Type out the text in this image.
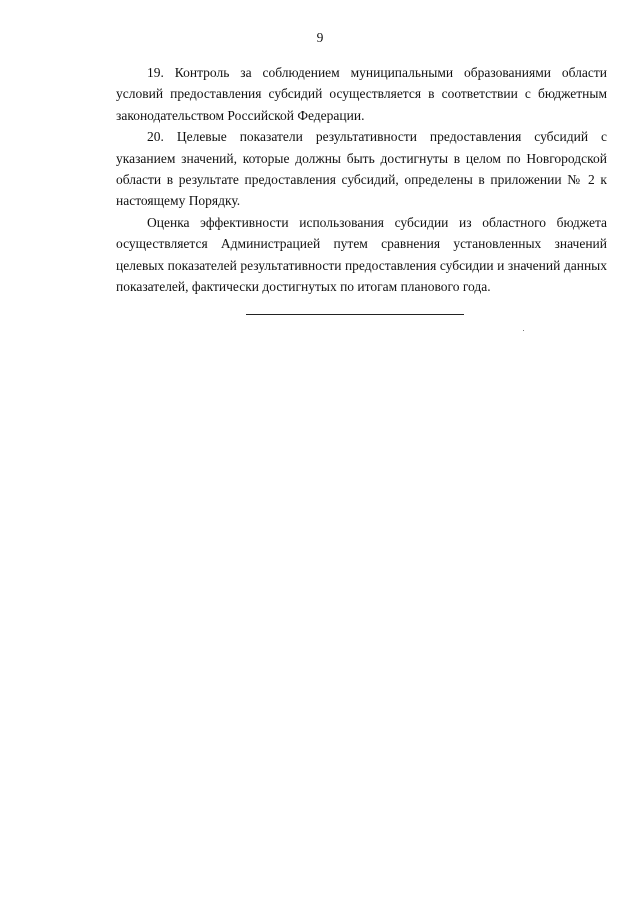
9

19. Контроль за соблюдением муниципальными образованиями области условий предоставления субсидий осуществляется в соответствии с бюджетным законодательством Российской Федерации.

20. Целевые показатели результативности предоставления субсидий с указанием значений, которые должны быть достигнуты в целом по Новгородской области в результате предоставления субсидий, определены в приложении № 2 к настоящему Порядку.

Оценка эффективности использования субсидии из областного бюджета осуществляется Администрацией путем сравнения установленных значений целевых показателей результативности предоставления субсидии и значений данных показателей, фактически достигнутых по итогам планового года.
